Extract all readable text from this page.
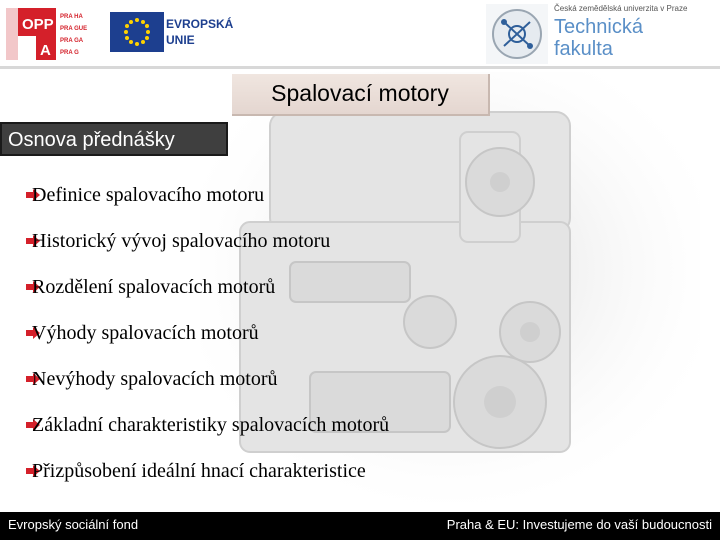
OPP
A
PRA HA
PRA GUE
PRA GA
PRA G
EVROPSKÁ
UNIE
Česká zemědělská univerzita v Praze
Technická
fakulta
Spalovací motory
Osnova přednášky
Definice spalovacího motoru
Historický vývoj spalovacího motoru
Rozdělení spalovacích motorů
Výhody spalovacích motorů
Nevýhody spalovacích motorů
Základní charakteristiky spalovacích motorů
Přizpůsobení ideální hnací charakteristice
Evropský sociální fond	Praha & EU: Investujeme do vaší budoucnosti
